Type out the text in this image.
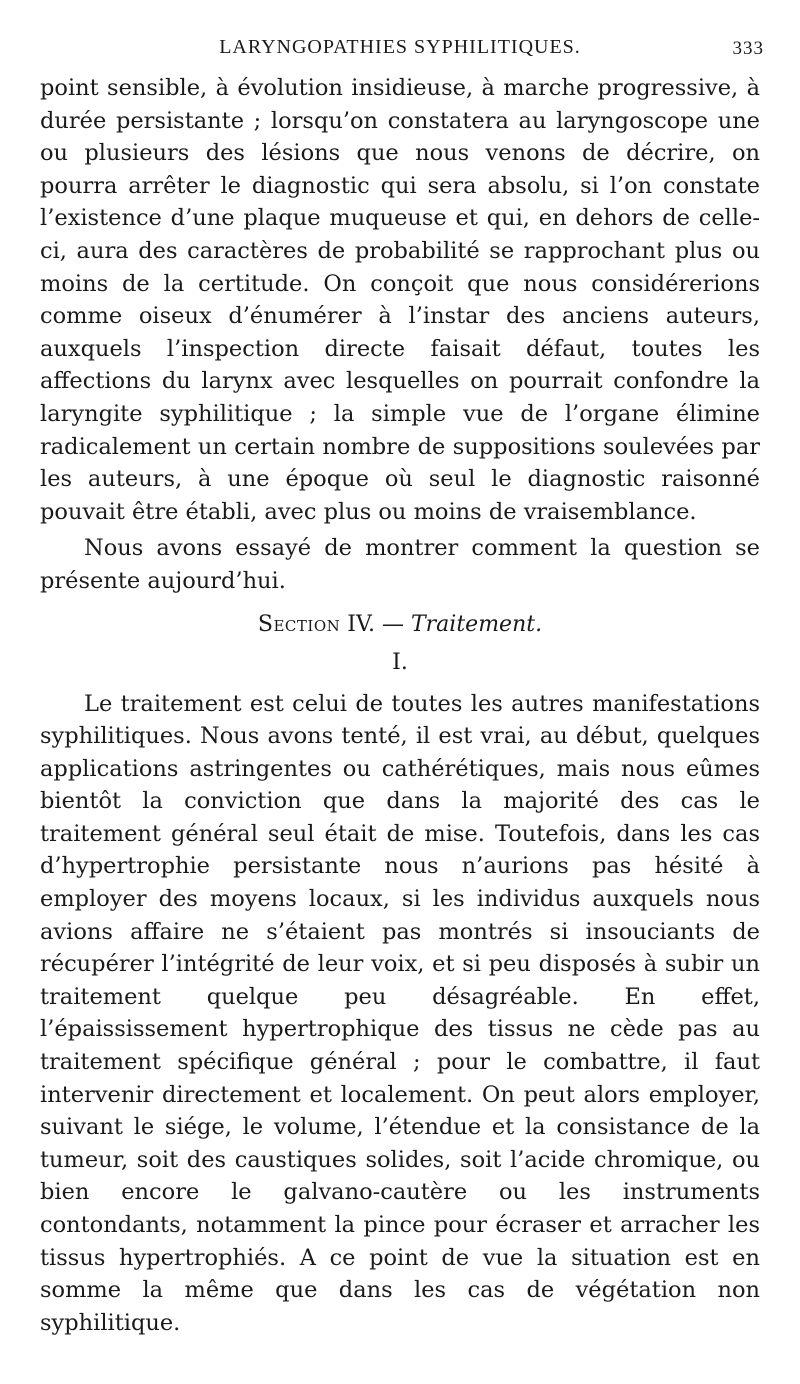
LARYNGOPATHIES SYPHILITIQUES.	333

point sensible, à évolution insidieuse, à marche progressive, à durée persistante ; lorsqu’on constatera au laryngoscope une ou plusieurs des lésions que nous venons de décrire, on pourra arrêter le diagnostic qui sera absolu, si l’on constate l’existence d’une plaque muqueuse et qui, en dehors de celle-ci, aura des caractères de probabilité se rapprochant plus ou moins de la certitude. On conçoit que nous considérerions comme oiseux d’énumérer à l’instar des anciens auteurs, auxquels l’inspection directe faisait défaut, toutes les affections du larynx avec lesquelles on pourrait confondre la laryngite syphilitique ; la simple vue de l’organe élimine radicalement un certain nombre de suppositions soulevées par les auteurs, à une époque où seul le diagnostic raisonné pouvait être établi, avec plus ou moins de vraisemblance.

Nous avons essayé de montrer comment la question se présente aujourd’hui.

Section IV. — Traitement.
I.

Le traitement est celui de toutes les autres manifestations syphilitiques. Nous avons tenté, il est vrai, au début, quelques applications astringentes ou cathérétiques, mais nous eûmes bientôt la conviction que dans la majorité des cas le traitement général seul était de mise. Toutefois, dans les cas d’hypertrophie persistante nous n’aurions pas hésité à employer des moyens locaux, si les individus auxquels nous avions affaire ne s’étaient pas montrés si insouciants de récupérer l’intégrité de leur voix, et si peu disposés à subir un traitement quelque peu désagréable. En effet, l’épaississement hypertrophique des tissus ne cède pas au traitement spécifique général ; pour le combattre, il faut intervenir directement et localement. On peut alors employer, suivant le siége, le volume, l’étendue et la consistance de la tumeur, soit des caustiques solides, soit l’acide chromique, ou bien encore le galvano-cautère ou les instruments contondants, notamment la pince pour écraser et arracher les tissus hypertrophiés. A ce point de vue la situation est en somme la même que dans les cas de végétation non syphilitique.
